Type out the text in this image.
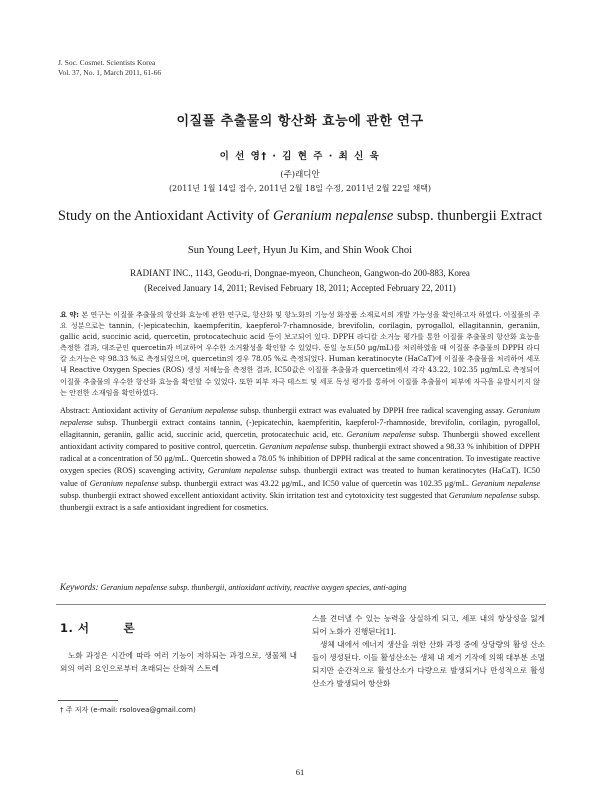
J. Soc. Cosmet. Scientists Korea
Vol. 37, No. 1, March 2011, 61-66
이질풀 추출물의 항산화 효능에 관한 연구
이 선 영† · 김 현 주 · 최 신 욱
(주)래디안
(2011년 1월 14일 접수, 2011년 2월 18일 수정, 2011년 2월 22일 채택)
Study on the Antioxidant Activity of Geranium nepalense subsp. thunbergii Extract
Sun Young Lee†, Hyun Ju Kim, and Shin Wook Choi
RADIANT INC., 1143, Geodu-ri, Dongnae-myeon, Chuncheon, Gangwon-do 200-883, Korea
(Received January 14, 2011; Revised February 18, 2011; Accepted February 22, 2011)
요 약: 본 연구는 이질풀 추출물의 항산화 효능에 관한 연구로, 항산화 및 항노화의 기능성 화장품 소재로서의 개발 가능성을 확인하고자 하였다. 이질풀의 주요 성분으로는 tannin, (-)epicatechin, kaempferitin, kaepferol-7-rhamnoside, brevifolin, corilagin, pyrogallol, ellagitannin, geraniin, gallic acid, succinic acid, quercetin, protocatechuic acid 등이 보고되어 있다. DPPH 라디칼 소거능 평가를 통한 이질풀 추출물의 항산화 효능을 측정한 결과, 대조군인 quercetin과 비교하여 우수한 소거활성을 확인할 수 있었다. 동일 농도(50 μg/mL)를 처리하였을 때 이질풀 추출물의 DPPH 라디칼 소거능은 약 98.33 %로 측정되었으며, quercetin의 경우 78.05 %로 측정되었다. Human keratinocyte (HaCaT)에 이질풀 추출물을 처리하여 세포 내 Reactive Oxygen Species (ROS) 생성 저해능을 측정한 결과, IC50값은 이질풀 추출물과 quercetin에서 각각 43.22, 102.35 μg/mL로 측정되어 이질풀 추출물의 우수한 항산화 효능을 확인할 수 있었다. 또한 피부 자극 테스트 및 세포 독성 평가를 통하여 이질풀 추출물이 피부에 자극을 유발시키지 않는 안전한 소재임을 확인하였다.
Abstract: Antioxidant activity of Geranium nepalense subsp. thunbergii extract was evaluated by DPPH free radical scavenging assay. Geranium nepalense subsp. Thunbergii extract contains tannin, (-)epicatechin, kaempferitin, kaepferol-7-rhamnoside, brevifolin, corilagin, pyrogallol, ellagitannin, geraniin, gallic acid, succinic acid, quercetin, protocatechuic acid, etc. Geranium nepalense subsp. Thunbergii showed excellent antioxidant activity compared to positive control, quercetin. Geranium nepalense subsp. thunbergii extract showed a 98.33 % inhibition of DPPH radical at a concentration of 50 μg/mL. Quercetin showed a 78.05 % inhibition of DPPH radical at the same concentration. To investigate reactive oxygen species (ROS) scavenging activity, Geranium nepalense subsp. thunbergii extract was treated to human keratinocytes (HaCaT). IC50 value of Geranium nepalense subsp. thunbergii extract was 43.22 μg/mL, and IC50 value of quercetin was 102.35 μg/mL. Geranium nepalense subsp. thunbergii extract showed excellent antioxidant activity. Skin irritation test and cytotoxicity test suggested that Geranium nepalense subsp. thunbergii extract is a safe antioxidant ingredient for cosmetics.
Keywords: Geranium nepalense subsp. thunbergii, antioxidant activity, reactive oxygen species, anti-aging
1. 서	론
노화 과정은 시간에 따라 여러 기능이 저하되는 과정으로, 생물체 내외의 여러 요인으로부터 초래되는 산화적 스트레
† 주 저자 (e-mail: rsolovea@gmail.com)

스를 견더낼 수 있는 능력을 상실하게 되고, 세포 내의 항상성을 잃게 되어 노화가 진행된다[1].

생체 내에서 에너지 생산을 위한 산화 과정 중에 상당량의 활성 산소들이 생성된다. 이들 활성산소는 생체 내 제거 기작에 의해 대부분 소멸되지만 순간적으로 활성산소가 다량으로 발생되거나 만성적으로 활성산소가 발생되어 항산화

61
